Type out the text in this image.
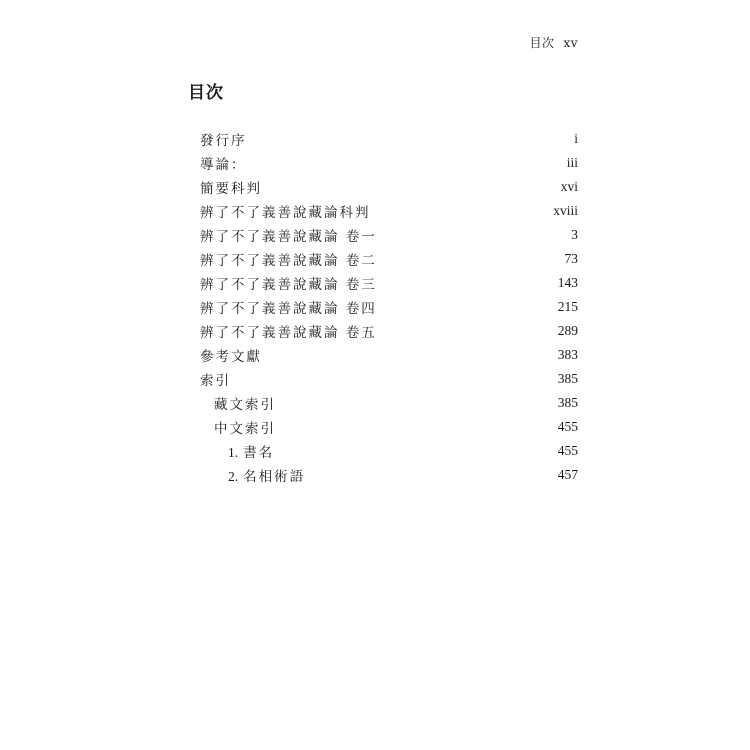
目次 xv
目次
發行序	i
導論：	iii
簡要科判	xvi
辨了不了義善說藏論科判	xviii
辨了不了義善說藏論 卷一	3
辨了不了義善說藏論 卷二	73
辨了不了義善說藏論 卷三	143
辨了不了義善說藏論 卷四	215
辨了不了義善說藏論 卷五	289
參考文獻	383
索引	385
藏文索引	385
中文索引	455
1. 書名	455
2. 名相術語	457
